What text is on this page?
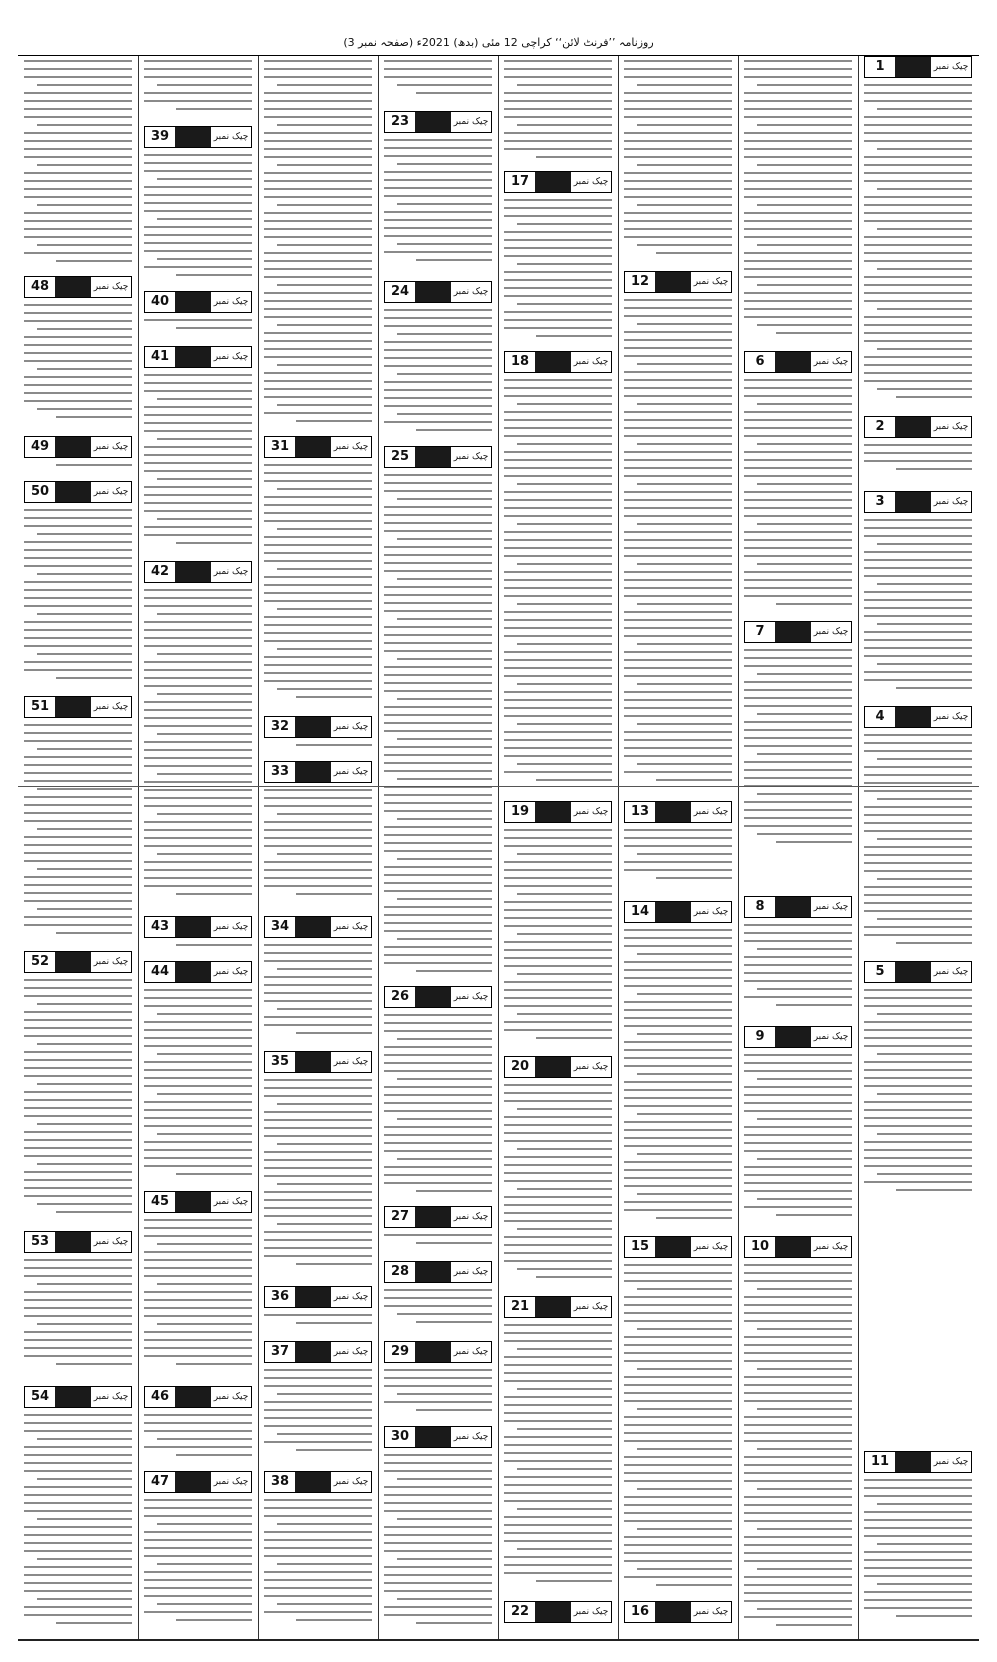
روزنامہ ’’فرنٹ لائن‘‘ کراچی 12 مئی (بدھ) 2021ء (صفحہ نمبر 3)
1	چیک نمبر
2	چیک نمبر
3	چیک نمبر
4	چیک نمبر
5	چیک نمبر
11	چیک نمبر
6	چیک نمبر
7	چیک نمبر
8	چیک نمبر
9	چیک نمبر
10	چیک نمبر
12	چیک نمبر
13	چیک نمبر
14	چیک نمبر
15	چیک نمبر
16	چیک نمبر
17	چیک نمبر
18	چیک نمبر
19	چیک نمبر
20	چیک نمبر
21	چیک نمبر
22	چیک نمبر
23	چیک نمبر
24	چیک نمبر
25	چیک نمبر
26	چیک نمبر
27	چیک نمبر
28	چیک نمبر
29	چیک نمبر
30	چیک نمبر
31	چیک نمبر
32	چیک نمبر
33	چیک نمبر
34	چیک نمبر
35	چیک نمبر
36	چیک نمبر
37	چیک نمبر
38	چیک نمبر
39	چیک نمبر
40	چیک نمبر
41	چیک نمبر
42	چیک نمبر
43	چیک نمبر
44	چیک نمبر
45	چیک نمبر
46	چیک نمبر
47	چیک نمبر
48	چیک نمبر
49	چیک نمبر
50	چیک نمبر
51	چیک نمبر
52	چیک نمبر
53	چیک نمبر
54	چیک نمبر
